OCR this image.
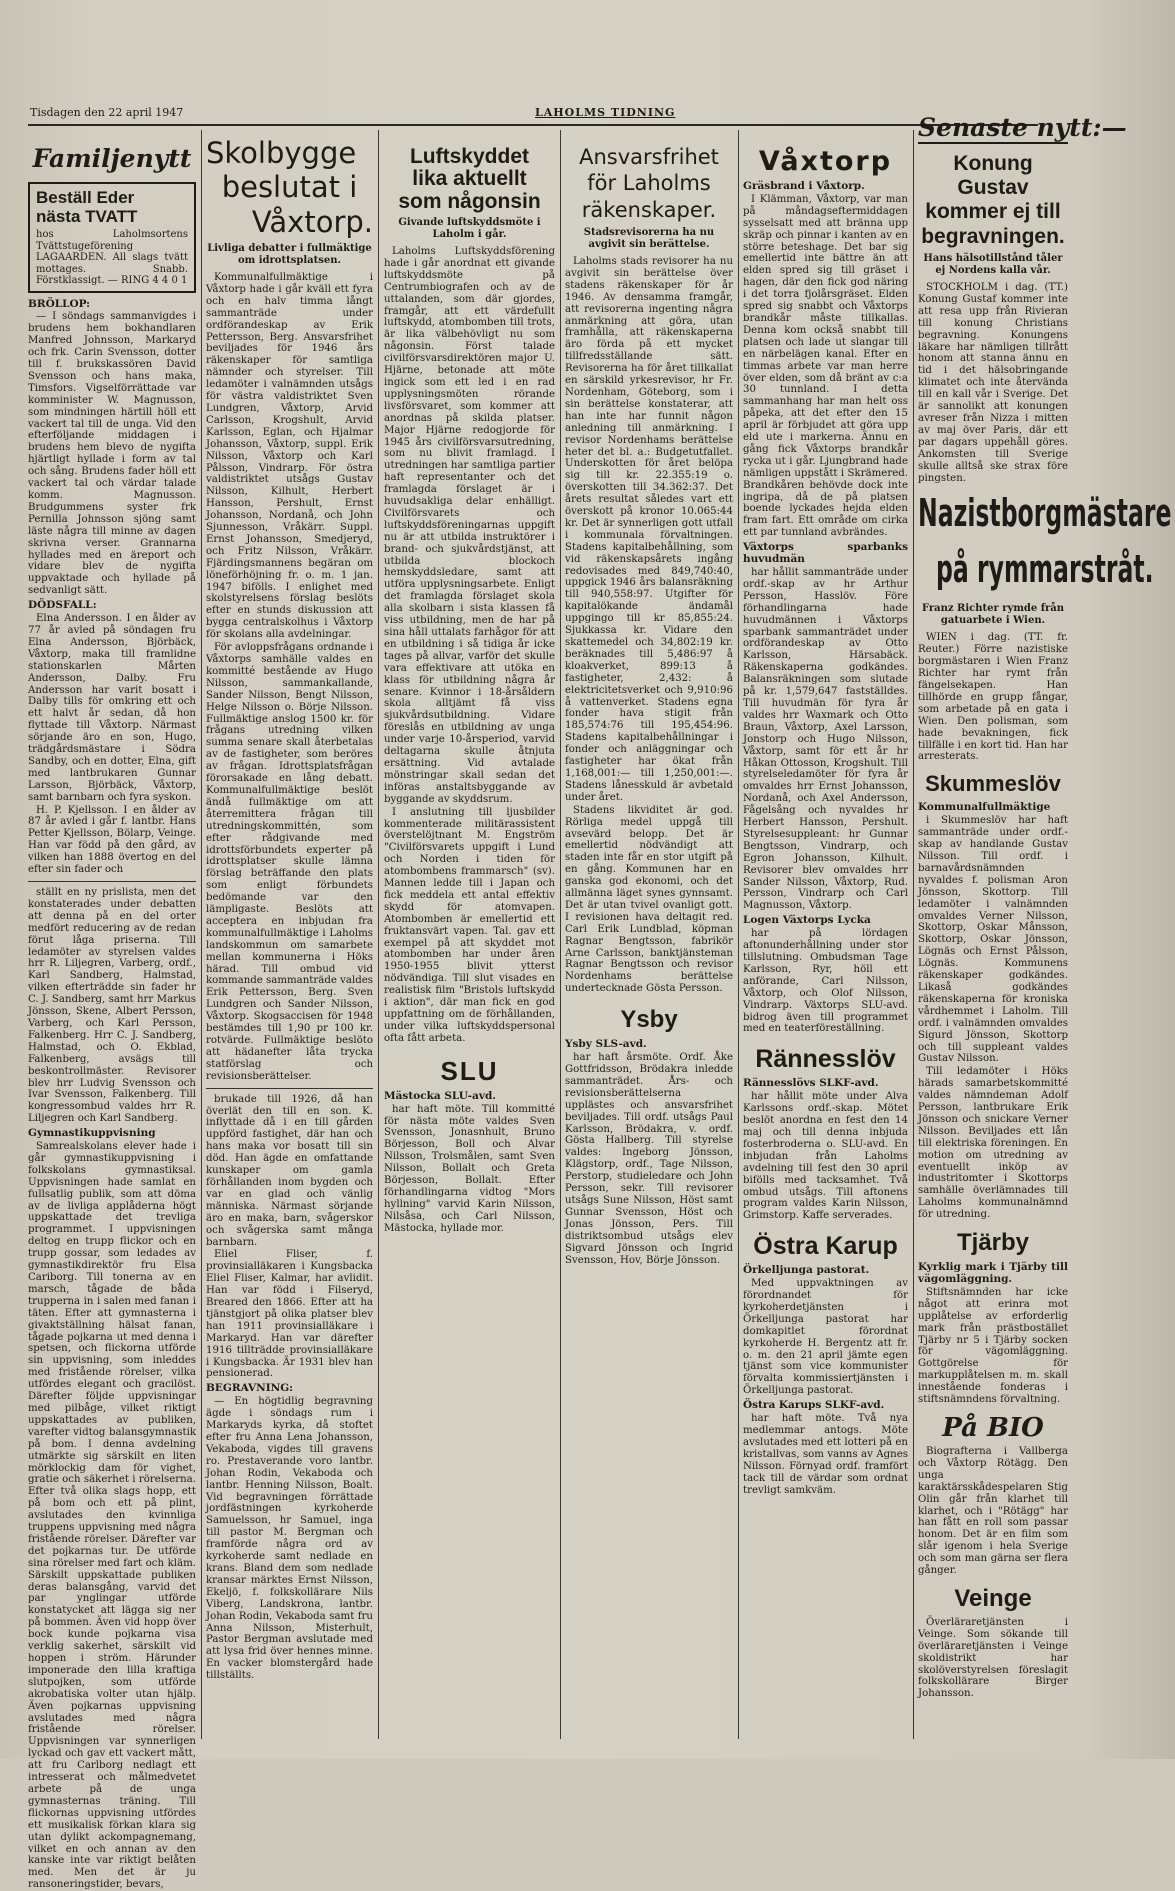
Tisdagen den 22 april 1947	LAHOLMS TIDNING
Familjenytt
Beställ Eder
nästa TVATT
hos Laholmsortens Tvättstugeförening LAGAARDEN. All slags tvätt mottages. Snabb. Förstklassigt. — RING 4 4 0 1
BRÖLLOP:

— I söndags sammanvigdes i brudens hem bokhandlaren Manfred Johnsson, Markaryd och frk. Carin Svensson, dotter till f. brukskassören David Svensson och hans maka, Timsfors. Vigselförrättade var komminister W. Magnusson, som mindningen härtill höll ett vackert tal till de unga. Vid den efterföljande middagen i brudens hem blevo de nygifta hjärtligt hyllade i form av tal och sång. Brudens fader höll ett vackert tal och värdar talade komm. Magnusson. Brudgummens syster frk Pernilla Johnsson sjöng samt läste några till minne av dagen skrivna verser. Grannarna hyllades med en äreport och vidare blev de nygifta uppvaktade och hyllade på sedvanligt sätt.

DÖDSFALL:

Elna Andersson. I en ålder av 77 år avled på söndagen fru Elna Andersson, Björbäck, Våxtorp, maka till framlidne stationskarlen Mårten Andersson, Dalby. Fru Andersson har varit bosatt i Dalby tills för omkring ett och ett halvt år sedan, då hon flyttade till Våxtorp. Närmast sörjande äro en son, Hugo, trädgårdsmästare i Södra Sandby, och en dotter, Elna, gift med lantbrukaren Gunnar Larsson, Björbäck, Våxtorp, samt barnbarn och fyra syskon.

H. P. Kjellsson. I en ålder av 87 år avled i går f. lantbr. Hans Petter Kjellsson, Bölarp, Veinge. Han var född på den gård, av vilken han 1888 övertog en del efter sin fader och

ställt en ny prislista, men det konstaterades under debatten att denna på en del orter medfört reducering av de redan förut låga priserna. Till ledamöter av styrelsen valdes hrr R. Liljegren, Varberg, ordf., Karl Sandberg, Halmstad, vilken efterträdde sin fader hr C. J. Sandberg, samt hrr Markus Jönsson, Skene, Albert Persson, Varberg, och Karl Persson, Falkenberg. Hrr C. J. Sandberg, Halmstad, och O. Ekblad, Falkenberg, avsägs till beskontrollmäster. Revisorer blev hrr Ludvig Svensson och Ivar Svensson, Falkenberg. Till kongressombud valdes hrr R. Liljegren och Karl Sandberg.

Gymnastikuppvisning

Samrealskolans elever hade i går gymnastikuppvisning i folkskolans gymnastiksal. Uppvisningen hade samlat en fullsatlig publik, som att döma av de livliga applåderna högt uppskattade det trevliga programmet. I uppvisningen deltog en trupp flickor och en trupp gossar, som ledades av gymnastikdirektör fru Elsa Cariborg. Till tonerna av en marsch, tågade de båda trupperna in i salen med fanan i täten. Efter att gymnasterna i givaktställning hälsat fanan, tågade pojkarna ut med denna i spetsen, och flickorna utförde sin uppvisning, som inleddes med fristående rörelser, vilka utfördes elegant och gracilöst. Därefter följde uppvisningar med pilbåge, vilket riktigt uppskattades av publiken, varefter vidtog balansgymnastik på bom. I denna avdelning utmärkte sig särskilt en liten mörklockig dam för vighet, gratie och säkerhet i rörelserna. Efter två olika slags hopp, ett på bom och ett på plint, avslutades den kvinnliga truppens uppvisning med några fristående rörelser. Därefter var det pojkarnas tur. De utförde sina rörelser med fart och kläm. Särskilt uppskattade publiken deras balansgång, varvid det par ynglingar utförde konstatycket att lägga sig ner på bommen. Även vid hopp över bock kunde pojkarna visa verklig sakerhet, särskilt vid hoppen i ström. Härunder imponerade den lilla kraftiga slutpojken, som utförde akrobatiska volter utan hjälp. Även pojkarnas uppvisning avslutades med några fristående rörelser. Uppvisningen var synnerligen lyckad och gav ett vackert mått, att fru Carlborg nedlagt ett intresserat och målmedvetet arbete på de unga gymnasternas träning. Till flickornas uppvisning utfördes ett musikalisk förkan klara sig utan dylikt ackompagnemang, vilket en och annan av den kanske inte var riktigt belåten med. Men det är ju ransoneringstider, bevars,

Skolbygge
beslutat i
Våxtorp.
Livliga debatter i fullmäktige om idrottsplatsen.

Kommunalfullmäktige i Våxtorp hade i går kväll ett fyra och en halv timma långt sammanträde under ordförandeskap av Erik Pettersson, Berg. Ansvarsfrihet beviljades för 1946 års räkenskaper för samtliga nämnder och styrelser. Till ledamöter i valnämnden utsågs för västra valdistriktet Sven Lundgren, Våxtorp, Arvid Carlsson, Krogshult, Arvid Karlsson, Eglan, och Hjalmar Johansson, Våxtorp, suppl. Erik Nilsson, Våxtorp och Karl Pålsson, Vindrarp. För östra valdistriktet utsågs Gustav Nilsson, Kilhult, Herbert Hansson, Pershult, Ernst Johansson, Nordanå, och John Sjunnesson, Vråkärr. Suppl. Ernst Johansson, Smedjeryd, och Fritz Nilsson, Vråkärr. Fjärdingsmannens begäran om löneförhöjning fr. o. m. 1 jan. 1947 bifölls. I enlighet med skolstyrelsens förslag beslöts efter en stunds diskussion att bygga centralskolhus i Våxtorp för skolans alla avdelningar.

För avloppsfrågans ordnande i Våxtorps samhälle valdes en kommitté bestående av Hugo Nilsson, sammankallande, Sander Nilsson, Bengt Nilsson, Helge Nilsson o. Börje Nilsson. Fullmäktige anslog 1500 kr. för frågans utredning vilken summa senare skall återbetalas av de fastigheter, som beröres av frågan. Idrottsplatsfrågan förorsakade en lång debatt. Kommunalfullmäktige beslöt ändå fullmäktige om att återremittera frågan till utredningskommittén, som efter rådgivande med idrottsförbundets experter på idrottsplatser skulle lämna förslag beträffande den plats som enligt förbundets bedömande var den lämpligaste. Beslöts att acceptera en inbjudan fra kommunalfullmäktige i Laholms landskommun om samarbete mellan kommunerna i Höks härad. Till ombud vid kommande sammanträde valdes Erik Pettersson, Berg. Sven Lundgren och Sander Nilsson, Våxtorp. Skogsaccisen för 1948 bestämdes till 1,90 pr 100 kr. rotvärde. Fullmäktige beslöto att hädanefter låta trycka statförslag och revisionsberättelser.

brukade till 1926, då han överlät den till en son. K. inflyttade då i en till gården uppförd fastighet, där han och hans maka vor bosatt till sin död. Han ägde en omfattande kunskaper om gamla förhållanden inom bygden och var en glad och vänlig människa. Närmast sörjande äro en maka, barn, svågerskor och svågerska samt många barnbarn.

Eliel Fliser, f. provinsialläkaren i Kungsbacka Eliel Fliser, Kalmar, har avlidit. Han var född i Filseryd, Breared den 1866. Efter att ha tjänstgjort på olika platser blev han 1911 provinsialläkare i Markaryd. Han var därefter 1916 tillträdde provinsialläkare i Kungsbacka. Är 1931 blev han pensionerad.

BEGRAVNING:

— En högtidlig begravning ägde i söndags rum i Markaryds kyrka, då stoftet efter fru Anna Lena Johansson, Vekaboda, vigdes till gravens ro. Prestaverande voro lantbr. Johan Rodin, Vekaboda och lantbr. Henning Nilsson, Boalt. Vid begravningen förrättade jordfästningen kyrkoherde Samuelsson, hr Samuel, inga till pastor M. Bergman och framförde några ord av kyrkoherde samt nedlade en krans. Bland dem som nedlade kransar märktes Ernst Nilsson, Ekeljö, f. folkskollärare Nils Viberg, Landskrona, lantbr. Johan Rodin, Vekaboda samt fru Anna Nilsson, Misterhult, Pastor Bergman avslutade med att lysa frid över hennes minne. En vacker blomstergård hade tillställts.

Luftskyddet
lika aktuellt
som någonsin
Givande luftskyddsmöte i Laholm i går.

Laholms Luftskyddsförening hade i går anordnat ett givande luftskyddsmöte på Centrumbiografen och av de uttalanden, som där gjordes, framgår, att ett värdefullt luftskydd, atombomben till trots, är lika välbehövligt nu som någonsin. Först talade civilförsvarsdirektören major U. Hjärne, betonade att möte ingick som ett led i en rad upplysningsmöten rörande livsförsvaret, som kommer att anordnas på skilda platser. Major Hjärne redogjorde för 1945 års civilförsvarsutredning, som nu blivit framlagd. I utredningen har samtliga partier haft representanter och det framlagda förslaget är i huvudsakliga delar enhälligt. Civilförsvarets och luftskyddsföreningarnas uppgift nu är att utbilda instruktörer i brand- och sjukvårdstjänst, att utbilda blockoch hemskyddsledare, samt att utföra upplysningsarbete. Enligt det framlagda förslaget skola alla skolbarn i sista klassen få viss utbildning, men de har på sina håll uttalats farhågor för att en utbildning i så tidiga år icke tages på allvar, varför det skulle vara effektivare att utöka en klass för utbildning några år senare. Kvinnor i 18-årsåldern skola alltjämt få viss sjukvårdsutbildning. Vidare föreslås en utbildning av unga under varje 10-årsperiod, varvid deltagarna skulle åtnjuta ersättning. Vid avtalade mönstringar skall sedan det införas anstaltsbyggande av byggande av skyddsrum.

I anslutning till ljusbilder kommenterade militärassistent överstelöjtnant M. Engström "Civilförsvarets uppgift i Lund och Norden i tiden för atombombens frammarsch" (sv). Mannen ledde till i Japan och fick meddela ett antal effektiv skydd för atomvapen. Atombomben är emellertid ett fruktansvärt vapen. Tal. gav ett exempel på att skyddet mot atombomben har under åren 1950-1955 blivit ytterst nödvändiga. Till slut visades en realistisk film "Bristols luftskydd i aktion", där man fick en god uppfattning om de förhållanden, under vilka luftskyddspersonal ofta fått arbeta.

SLU
Mästocka SLU-avd.

har haft möte. Till kommitté för nästa möte valdes Sven Svensson, Jonasnhult, Bruno Börjesson, Boll och Alvar Nilsson, Trolsmålen, samt Sven Nilsson, Bollalt och Greta Börjesson, Bollalt. Efter förhandlingarna vidtog "Mors hyllning" varvid Karin Nilsson, Nilsåsa, och Carl Nilsson, Mästocka, hyllade mor.

Ansvarsfrihet
för Laholms
räkenskaper.
Stadsrevisorerna ha nu avgivit sin berättelse.

Laholms stads revisorer ha nu avgivit sin berättelse över stadens räkenskaper för år 1946. Av densamma framgår, att revisorerna ingenting några anmärkning att göra, utan framhålla, att räkenskaperna äro förda på ett mycket tillfredsställande sätt. Revisorerna ha för året tillkallat en särskild yrkesrevisor, hr Fr. Nordenham, Göteborg, som i sin berättelse konstaterar, att han inte har funnit någon anledning till anmärkning. I revisor Nordenhams berättelse heter det bl. a.: Budgetutfallet. Underskotten för året belöpa sig till kr. 22.355:19 o. överskotten till 34.362:37. Det årets resultat således vart ett överskott på kronor 10.065:44 kr. Det är synnerligen gott utfall i kommunala förvaltningen. Stadens kapitalbehållning, som vid räkenskapsårets ingång redovisades med 849,740:40, uppgick 1946 års balansräkning till 940,558:97. Utgifter för kapitalökande ändamål uppgingo till kr 85,855:24. Sjukkassa kr. Vidare den skattemedel och 34,802:19 kr. beräknades till 5,486:97 å kloakverket, 899:13 å fastigheter, 2,432: å elektricitetsverket och 9,910:96 å vattenverket. Stadens egna fonder hava stigit från 185,574:76 till 195,454:96. Stadens kapitalbehållningar i fonder och anläggningar och fastigheter har ökat från 1,168,001:— till 1,250,001:—. Stadens lånesskuld är avbetald under året.

Stadens likviditet är god. Rörliga medel uppgå till avsevärd belopp. Det är emellertid nödvändigt att staden inte får en stor utgift på en gång. Kommunen har en ganska god ekonomi, och det allmänna läget synes gynnsamt. Det är utan tvivel ovanligt gott. I revisionen hava deltagit red. Carl Erik Lundblad, köpman Ragnar Bengtsson, fabrikör Arne Carlsson, banktjänsteman Ragnar Bengtsson och revisor Nordenhams berättelse undertecknade Gösta Persson.

Ysby
Ysby SLS-avd.

har haft årsmöte. Ordf. Åke Gottfridsson, Brödakra inledde sammanträdet. Års- och revisionsberättelserna upplästes och ansvarsfrihet beviljades. Till ordf. utsågs Paul Karlsson, Brödakra, v. ordf. Gösta Hallberg. Till styrelse valdes: Ingeborg Jönsson, Klägstorp, ordf., Tage Nilsson, Perstorp, studieledare och John Persson, sekr. Till revisorer utsågs Sune Nilsson, Höst samt Gunnar Svensson, Höst och Jonas Jönsson, Pers. Till distriktsombud utsågs elev Sigvard Jönsson och Ingrid Svensson, Hov, Börje Jönsson.

Våxtorp
Gräsbrand i Våxtorp.

I Klämman, Våxtorp, var man på måndagseftermiddagen sysselsatt med att bränna upp skräp och pinnar i kanten av en större beteshage. Det bar sig emellertid inte bättre än att elden spred sig till gräset i hagen, där den fick god näring i det torra fjolårsgräset. Elden spred sig snabbt och Våxtorps brandkår måste tillkallas. Denna kom också snabbt till platsen och lade ut slangar till en närbelägen kanal. Efter en timmas arbete var man herre över elden, som då bränt av c:a 30 tunnland. I detta sammanhang har man helt oss påpeka, att det efter den 15 april är förbjudet att göra upp eld ute i markerna. Ännu en gång fick Våxtorps brandkår rycka ut i går. Ljungbrand hade nämligen uppstått i Skrämered. Brandkåren behövde dock inte ingripa, då de på platsen boende lyckades hejda elden fram fart. Ett område om cirka ett par tunnland avbrändes.

Växtorps sparbanks huvudmän

har hållit sammanträde under ordf.-skap av hr Arthur Persson, Hasslöv. Före förhandlingarna hade huvudmännen i Våxtorps sparbank sammanträdet under ordförandeskap av Otto Karlsson, Härsabäck. Räkenskaperna godkändes. Balansräkningen som slutade på kr. 1,579,647 fastställdes. Till huvudmän för fyra år valdes hrr Waxmark och Otto Braun, Våxtorp, Axel Larsson, Jonstorp och Hugo Nilsson, Våxtorp, samt för ett år hr Håkan Ottosson, Krogshult. Till styrelseledamöter för fyra år omvaldes hrr Ernst Johansson, Nordanå, och Axel Andersson, Fågelsång och nyvaldes hr Herbert Hansson, Pershult. Styrelsesuppleant: hr Gunnar Bengtsson, Vindrarp, och Egron Johansson, Kilhult. Revisorer blev omvaldes hrr Sander Nilsson, Våxtorp, Rud. Persson, Vindrarp och Carl Magnusson, Våxtorp.

Logen Växtorps Lycka

har på lördagen aftonunderhållning under stor tillslutning. Ombudsman Tage Karlsson, Ryr, höll ett anförande, Carl Nilsson, Våxtorp, och Olof Nilsson, Vindrarp. Växtorps SLU-avd. bidrog även till programmet med en teaterföreställning.

Rännesslöv
Rännesslövs SLKF-avd.

har hållit möte under Alva Karlssons ordf.-skap. Mötet beslöt anordna en fest den 14 maj och till denna inbjuda fosterbroderna o. SLU-avd. En inbjudan från Laholms avdelning till fest den 30 april bifölls med tacksamhet. Två ombud utsågs. Till aftonens program valdes Karin Nilsson, Grimstorp. Kaffe serverades.

Östra Karup
Örkelljunga pastorat.

Med uppvaktningen av förordnandet för kyrkoherdetjänsten i Örkelljunga pastorat har domkapitlet förordnat kyrkoherde H. Bergentz att fr. o. m. den 21 april jämte egen tjänst som vice kommunister förvalta kommissiertjänsten i Örkelljunga pastorat.

Östra Karups SLKF-avd.

har haft möte. Två nya medlemmar antogs. Möte avslutades med ett lotteri på en kristallvas, som vanns av Agnes Nilsson. Förnyad ordf. framfört tack till de värdar som ordnat trevligt samkväm.

Senaste nytt:—
Konung Gustav
kommer ej till
begravningen.
Hans hälsotillstånd tåler ej Nordens kalla vår.

STOCKHOLM i dag. (TT.) Konung Gustaf kommer inte att resa upp från Rivieran till konung Christians begravning. Konungens läkare har nämligen tillrått honom att stanna ännu en tid i det hälsobringande klimatet och inte återvända till en kall vår i Sverige. Det är sannolikt att konungen avreser från Nizza i mitten av maj över Paris, där ett par dagars uppehåll göres. Ankomsten till Sverige skulle alltså ske strax före pingsten.

Nazistborgmästare
på rymmarstråt.
Franz Richter rymde från gatuarbete i Wien.

WIEN i dag. (TT. fr. Reuter.) Förre nazistiske borgmästaren i Wien Franz Richter har rymt från fängelsekapen. Han tillhörde en grupp fångar, som arbetade på en gata i Wien. Den polisman, som hade bevakningen, fick tillfälle i en kort tid. Han har arresterats.

Skummeslöv
Kommunalfullmäktige

i Skummeslöv har haft sammanträde under ordf.-skap av handlande Gustav Nilsson. Till ordf. i barnavårdsnämnden nyvaldes f. polisman Aron Jönsson, Skottorp. Till ledamöter i valnämnden omvaldes Verner Nilsson, Skottorp, Oskar Månsson, Skottorp, Oskar Jönsson, Lögnäs och Ernst Pålsson, Lögnäs. Kommunens räkenskaper godkändes. Likaså godkändes räkenskaperna för kroniska vårdhemmet i Laholm. Till ordf. i valnämnden omvaldes Sigurd Jönsson, Skottorp och till suppleant valdes Gustav Nilsson.

Till ledamöter i Höks härads samarbetskommitté valdes nämndeman Adolf Persson, lantbrukare Erik Jönsson och snickare Verner Nilsson. Beviljades ett lån till elektriska föreningen. En motion om utredning av eventuellt inköp av industritomter i Skottorps samhälle överlämnades till Laholms kommunalnämnd för utredning.

Tjärby
Kyrklig mark i Tjärby till vägomläggning.

Stiftsnämnden har icke något att erinra mot upplåtelse av erforderlig mark från prästbostället Tjärby nr 5 i Tjärby socken för vägomläggning. Gottgörelse för markupplåtelsen m. m. skall innestående fonderas i stiftsnämndens förvaltning.

På BIO

Biografterna i Vallberga och Våxtorp Rötägg. Den unga karaktärsskådespelaren Stig Olin går från klarhet till klarhet, och i "Rötägg" har han fått en roll som passar honom. Det är en film som slår igenom i hela Sverige och som man gärna ser flera gånger.

Veinge

Överläraretjänsten i Veinge. Som sökande till överläraretjänsten i Veinge skoldistrikt har skolöverstyrelsen föreslagit folkskollärare Birger Johansson.
